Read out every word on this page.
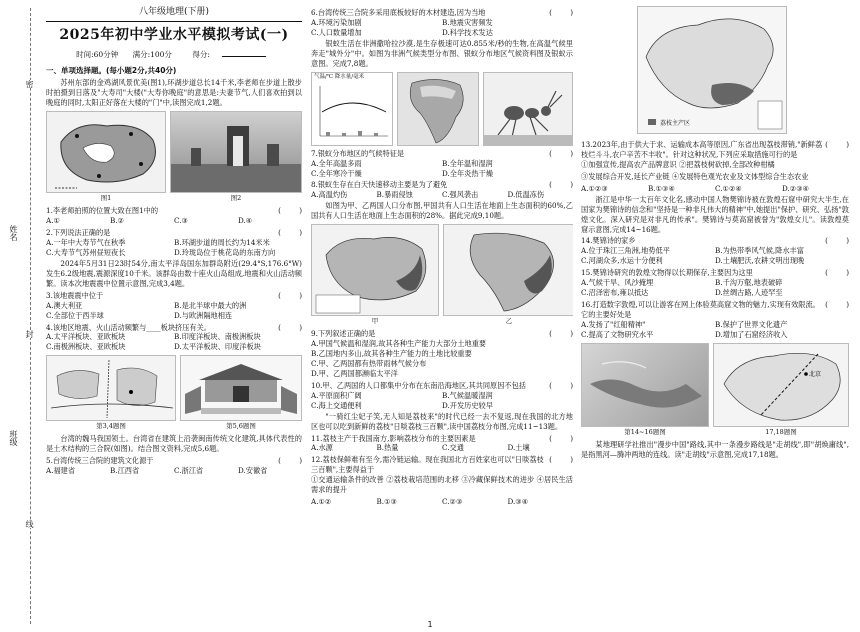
密
封
线
姓名
班级
八年级地理(下册)
2025年初中学业水平模拟考试(一)
时间:60分钟 满分:100分	得分:
一、单项选择题。(每小题2分,共40分)

苏州东部的金鸡湖风景优美(图1),环湖步道总长14千米,李老师在步道上散步时拍摄到日落及"大寿司"大楼("大寿你晚庭"的意思是:夫妻节气,人们喜欢拍到以晚庭的同时,太阳正好落在大楼的"门"中,读图完成1,2题。

图1	图2
1.李老师拍照的位置大致在图1中的	(        )
A.①	B.②	C.③	D.④
2.下列说法正确的是	(        )
A.一年中大寿节气在秋季	B.环湖步道的周长约为14米米
C.大寿节气苏州昼短夜长	D.玲珑岛位于桃花岛的东南方向

2024年5月31日23时54分,南太平洋岛国东加群岛附近(29.4°S,176.6°W)发生6.2级地震,震源深度10千米。该群岛由数十座火山岛组成,地震和火山活动频繁。读本次地震震中位置示意图,完成3,4题。

3.该地震震中位于	(        )
A.澳大利亚	B.是北半球中最大的洲
C.全部位于西半球	D.与欧洲隔地相连
4.该地区地震、火山活动频繁与____板块挤压有关。	(        )
A.太平洋板块、亚欧板块	B.印度洋板块、南极洲板块
C.南极洲板块、亚欧板块	D.太平洋板块、印度洋板块
第3,4题图	第5,6题图

台湾的魏马我国领土。台湾省在建筑上沿袭闽南传统文化建筑,具体代表性的是土木结构的三合院(如图)。结合图文资料,完成5,6题。

5.台湾传统三合院的建筑文化源于	(        )
A.福建省	B.江西省	C.浙江省	D.安徽省
6.台湾传统三合院多采用底板较好的木材建造,因为当地	(        )
A.环境污染加剧	B.地震灾害频发
C.人口数量增加	D.科学技术发达

银蚁生活在非洲撒哈拉沙漠,是生存极速可达0.855米/秒的生物,在高温气候里奔走"城外分"中。如图为非洲气候类型分布图、银蚁分布地区气候资料图及银蚁示意图。完成7,8题。

气温/℃ 降水量/毫米
7.银蚁分布地区的气候特征是	(        )
A.全年高温多雨	B.全年温和湿润
C.全年寒冷干燥	D.全年炎热干燥
8.银蚁生存在白天快速移动主要是为了避免	(        )
A.高温灼伤	B.暴雨侵蚀	C.强风袭击	D.低温冻伤

如图为甲、乙两国人口分布图,甲国共有人口生活在地面上生态面积的60%,乙国共有人口生活在地面上生态面积的28%。据此完成9,10题。

甲	乙
9.下列叙述正确的是	(        )
A.甲国气候温和湿润,故其各种生产能力大部分土地重要
B.乙国地内多山,故其各种生产能力的土地比较重要
C.甲、乙两国都有热带雨林气候分布
D.甲、乙两国都濒临太平洋
10.甲、乙两国的人口都集中分布在东南沿海地区,其共同原因不包括	(        )
A.平原面积广阔	B.气候温暖湿润
C.海上交通便利	D.开发历史较早

"一骑红尘妃子笑,无人知是荔枝来"的时代已经一去不复返,现在我国的北方地区也可以吃到新鲜的荔枝"日啖荔枝三百颗",读中国荔枝分布图,完成11~13题。

11.荔枝主产于我国南方,影响荔枝分布的主要因素是	(        )
A.水源	B.热量	C.交通	D.土壤
12.荔枝保鲜难有至今,需冷链运输。现在我国北方百姓家也可以"日啖荔枝三百颗",主要得益于
(        )

①交通运输条件的改善 ②荔枝栽培范围的北移 ③冷藏保鲜技术的进步 ④居民生活需求的提升

A.①②	B.①③	C.②③	D.③④
荔枝主产区
13.2023年,由于供大于求、运输成本高等原因,广东省出现荔枝滞销,"新鲜荔枝烂斗斗,农户辛苦不丰收"。针对这种状况,下列应采取措施可行的是
(        )

①加强宣传,提高农产品牌意识 ②把荔枝树砍掉,全部改种柑橘

③发展综合开发,延长产业链 ④发展特色观光农业及文体型综合生态农业

A.①②③	B.①③④	C.①②④	D.②③④

浙江是中华一太百年文化名,感动中国人物樊锦诗被在敦煌石窟中研究大半生,在国家为樊锦诗的信念和"坚持是一种非凡伟大的精神"中,她提出"保护、研究、弘扬"敦煌文化。深入研究是对非凡的传承"。樊锦诗与莫高窟被誉为"敦煌女儿"。读敦煌莫窟示意图,完成14~16题。

14.樊锦诗的家乡	(        )
A.位于珠江三角洲,地势低平	B.为热带季风气候,降水丰富
C.河湖众多,水运十分便利	D.土壤肥沃,农耕文明出现晚
15.樊锦诗研究的敦煌文物得以长期保存,主要因为这里	(        )
A.气候干旱、风沙掩埋	B.千沟万壑,地表破碎
C.沼泽密布,雍以抵达	D.丝绸古路,人迹罕至
16.打造数字敦煌,可以让游客在网上体验莫高窟文物的魅力,实现有效限流。它的主要好处是
(        )
A.发扬了"红船精神"	B.保护了世界文化遗产
C.提高了文物研究水平	D.增加了石窟经济收入
第14~16题图
北京
17,18题图

某地理研学社推出"漫步中国"路线,其中一条漫步路线是"走胡线",即"胡焕庸线",是指黑河—腾冲两地的连线。读"走胡线"示意图,完成17,18题。

1
